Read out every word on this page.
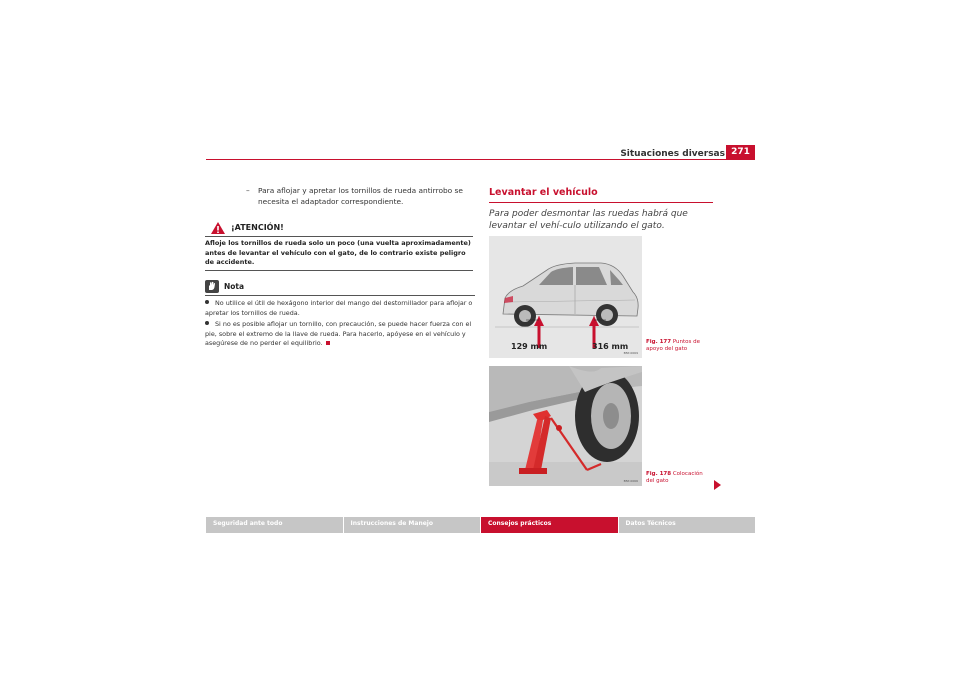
Situaciones diversas 271
–	Para aflojar y apretar los tornillos de rueda antirrobo se necesita el adaptador correspondiente.
¡ATENCIÓN!
Afloje los tornillos de rueda solo un poco (una vuelta aproximadamente) antes de levantar el vehículo con el gato, de lo contrario existe peligro de accidente.
Nota
No utilice el útil de hexágono interior del mango del destornillador para aflojar o apretar los tornillos de rueda.
Si no es posible aflojar un tornillo, con precaución, se puede hacer fuerza con el pie, sobre el extremo de la llave de rueda. Para hacerlo, apóyese en el vehículo y asegúrese de no perder el equilibrio.
Levantar el vehículo
Para poder desmontar las ruedas habrá que levantar el vehí-culo utilizando el gato.
129 mm	316 mm
B5P-0069
B5P-0066
Fig. 177 Puntos de apoyo del gato
Fig. 178 Colocación del gato
Seguridad ante todo	Instrucciones de Manejo	Consejos prácticos	Datos Técnicos
